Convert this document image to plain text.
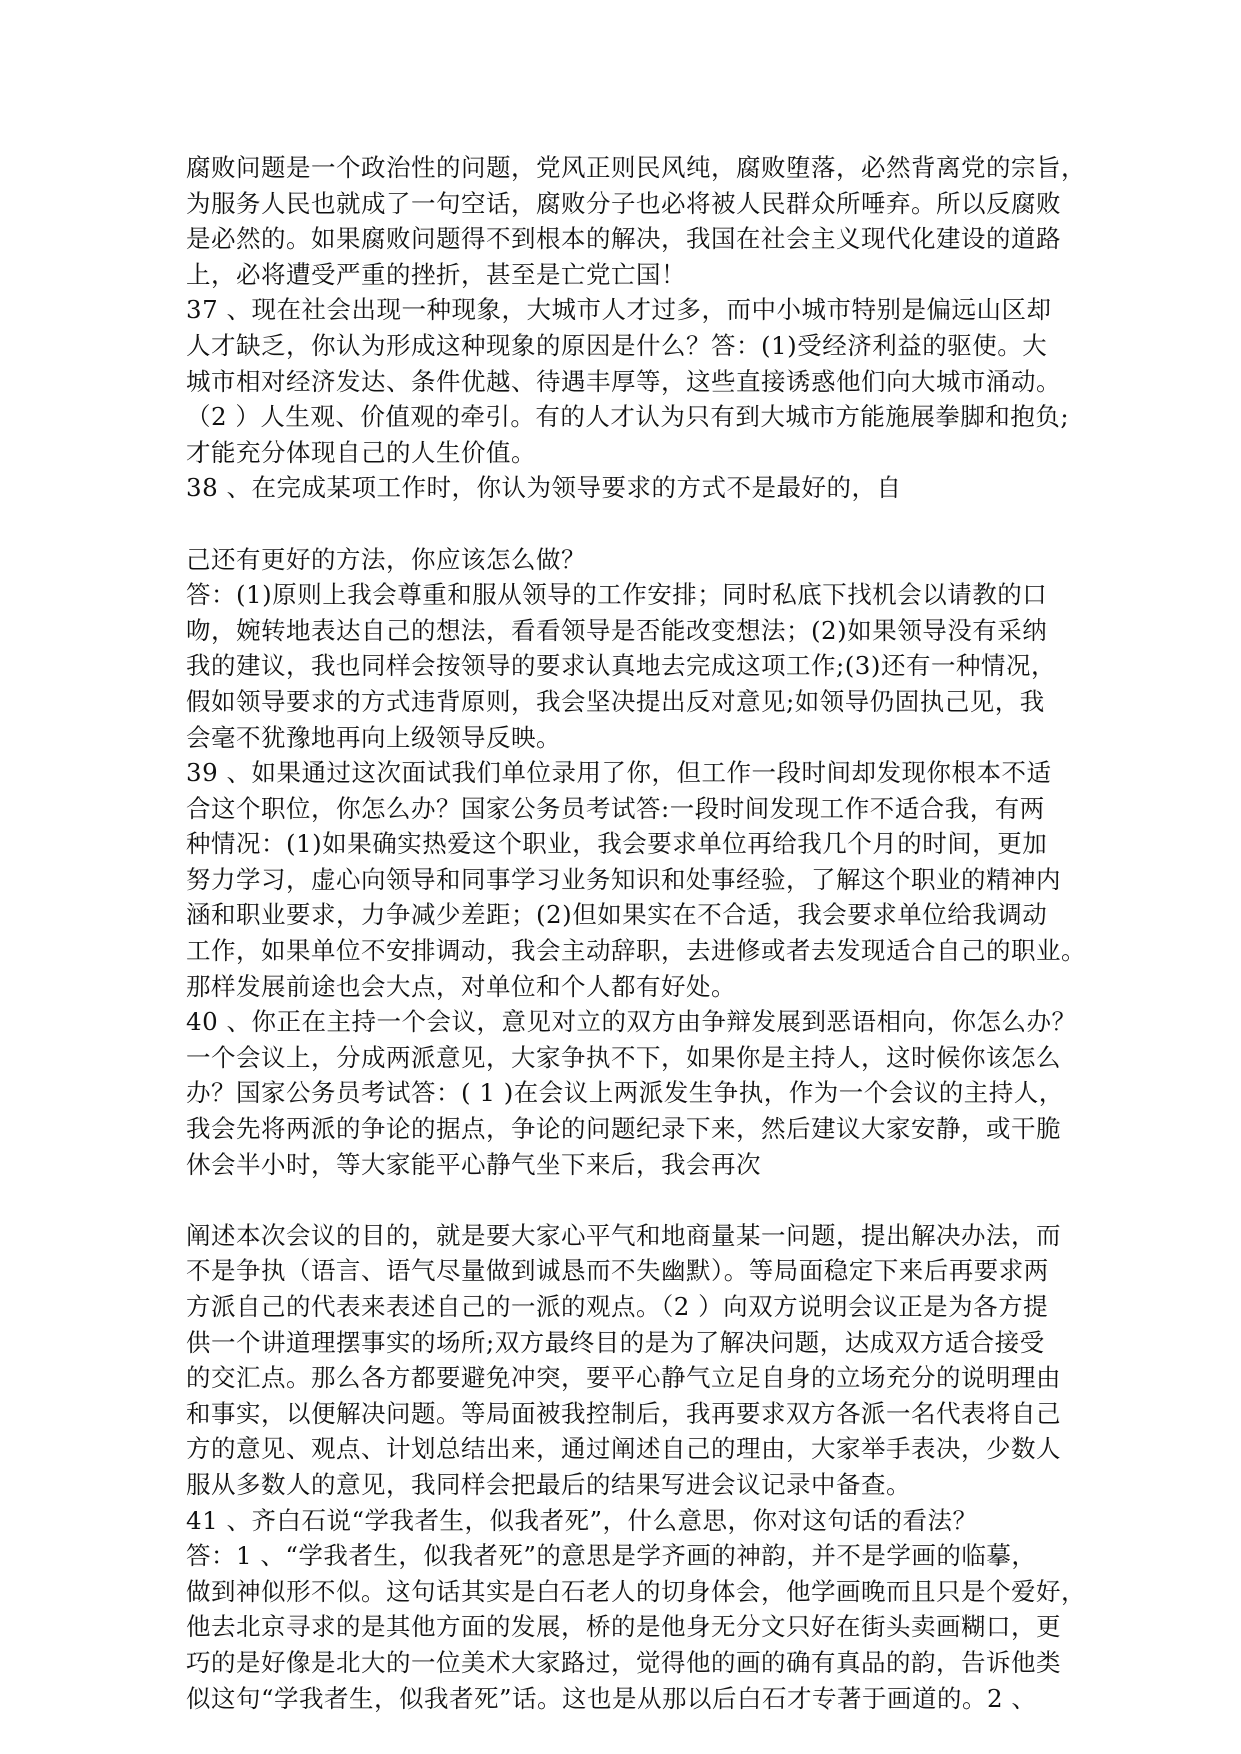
腐败问题是一个政治性的问题，党风正则民风纯，腐败堕落，必然背离党的宗旨，
为服务人民也就成了一句空话，腐败分子也必将被人民群众所唾弃。所以反腐败
是必然的。如果腐败问题得不到根本的解决，我国在社会主义现代化建设的道路
上，必将遭受严重的挫折，甚至是亡党亡国！
37 、现在社会出现一种现象，大城市人才过多，而中小城市特别是偏远山区却
人才缺乏，你认为形成这种现象的原因是什么？答：(1)受经济利益的驱使。大
城市相对经济发达、条件优越、待遇丰厚等，这些直接诱惑他们向大城市涌动。
（2 ）人生观、价值观的牵引。有的人才认为只有到大城市方能施展拳脚和抱负;
才能充分体现自己的人生价值。
38 、在完成某项工作时，你认为领导要求的方式不是最好的，自
己还有更好的方法，你应该怎么做？
答：(1)原则上我会尊重和服从领导的工作安排；同时私底下找机会以请教的口
吻，婉转地表达自己的想法，看看领导是否能改变想法；(2)如果领导没有采纳
我的建议，我也同样会按领导的要求认真地去完成这项工作;(3)还有一种情况，
假如领导要求的方式违背原则，我会坚决提出反对意见;如领导仍固执己见，我
会毫不犹豫地再向上级领导反映。
39 、如果通过这次面试我们单位录用了你，但工作一段时间却发现你根本不适
合这个职位，你怎么办？国家公务员考试答:一段时间发现工作不适合我，有两
种情况：(1)如果确实热爱这个职业，我会要求单位再给我几个月的时间，更加
努力学习，虚心向领导和同事学习业务知识和处事经验，了解这个职业的精神内
涵和职业要求，力争减少差距；(2)但如果实在不合适，我会要求单位给我调动
工作，如果单位不安排调动，我会主动辞职，去进修或者去发现适合自己的职业。
那样发展前途也会大点，对单位和个人都有好处。
40 、你正在主持一个会议，意见对立的双方由争辩发展到恶语相向，你怎么办？
一个会议上，分成两派意见，大家争执不下，如果你是主持人，这时候你该怎么
办？国家公务员考试答：( 1 )在会议上两派发生争执，作为一个会议的主持人，
我会先将两派的争论的据点，争论的问题纪录下来，然后建议大家安静，或干脆
休会半小时，等大家能平心静气坐下来后，我会再次
阐述本次会议的目的，就是要大家心平气和地商量某一问题，提出解决办法，而
不是争执（语言、语气尽量做到诚恳而不失幽默）。等局面稳定下来后再要求两
方派自己的代表来表述自己的一派的观点。（2 ）向双方说明会议正是为各方提
供一个讲道理摆事实的场所;双方最终目的是为了解决问题，达成双方适合接受
的交汇点。那么各方都要避免冲突，要平心静气立足自身的立场充分的说明理由
和事实，以便解决问题。等局面被我控制后，我再要求双方各派一名代表将自己
方的意见、观点、计划总结出来，通过阐述自己的理由，大家举手表决，少数人
服从多数人的意见，我同样会把最后的结果写进会议记录中备查。
41 、齐白石说“学我者生，似我者死”，什么意思，你对这句话的看法？
答：1 、“学我者生，似我者死”的意思是学齐画的神韵，并不是学画的临摹，
做到神似形不似。这句话其实是白石老人的切身体会，他学画晚而且只是个爱好，
他去北京寻求的是其他方面的发展，桥的是他身无分文只好在街头卖画糊口，更
巧的是好像是北大的一位美术大家路过，觉得他的画的确有真品的韵，告诉他类
似这句“学我者生，似我者死”话。这也是从那以后白石才专著于画道的。2 、
